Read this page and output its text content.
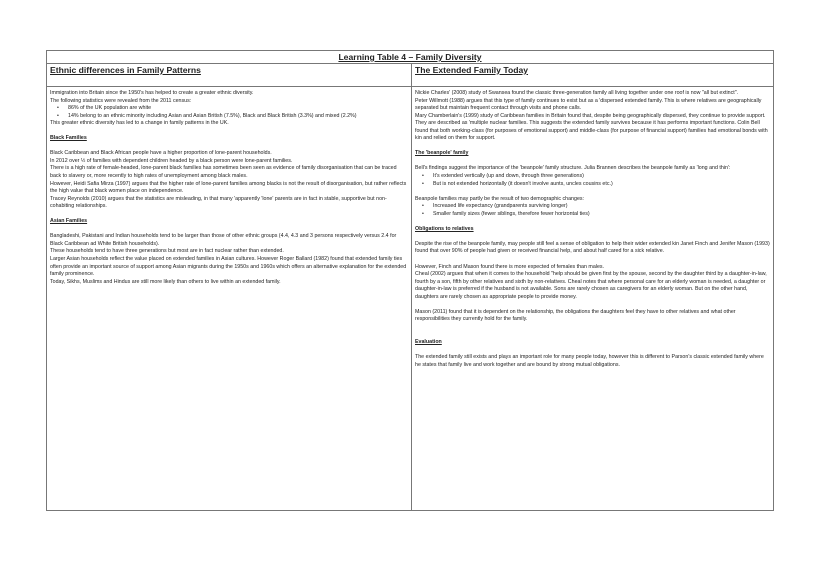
Learning Table 4 – Family Diversity
Ethnic differences in Family Patterns

Immigration into Britain since the 1950's has helped to create a greater ethnic diversity.

The following statistics were revealed from the 2011 census:

• 86% of the UK population are white
• 14% belong to an ethnic minority including Asian and Asian British (7.5%), Black and Black British (3.3%) and mixed (2.2%)

This greater ethnic diversity has led to a change in family patterns in the UK.

Black Families

Black Caribbean and Black African people have a higher proportion of lone-parent households.

In 2012 over ½ of families with dependent children headed by a black person were lone-parent families.

There is a high rate of female-headed, lone-parent black families has sometimes been seen as evidence of family disorganisation that can be traced back to slavery or, more recently to high rates of unemployment among black males.

However, Heidi Safia Mirza (1997) argues that the higher rate of lone-parent families among blacks is not the result of disorganisation, but rather reflects the high value that black women place on independence.

Tracey Reynolds (2010) argues that the statistics are misleading, in that many 'apparently 'lone' parents are in fact in stable, supportive but non-cohabiting relationships.

Asian Families

Bangladeshi, Pakistani and Indian households tend to be larger than those of other ethnic groups (4.4, 4.3 and 3 persons respectively versus 2.4 for Black Caribbean ad White British households).

These households tend to have three generations but most are in fact nuclear rather than extended.

Larger Asian households reflect the value placed on extended families in Asian cultures. However Roger Ballard (1982) found that extended family ties often provide an important source of support among Asian migrants during the 1950s and 1960s which offers an alternative explanation for the extended family prominence.

Today, Sikhs, Muslims and Hindus are still more likely than others to live within an extended family.

The Extended Family Today

Nickie Charles' (2008) study of Swansea found the classic three-generation family all living together under one roof is now "all but extinct".

Peter Willmott (1988) argues that this type of family continues to exist but as a 'dispersed extended family. This is where relatives are geographically separated but maintain frequent contact through visits and phone calls.

Mary Chamberlain's (1999) study of Caribbean families in Britain found that, despite being geographically dispersed, they continue to provide support. They are described as 'multiple nuclear families. This suggests the extended family survives because it has performs important functions. Colin Bell found that both working-class (for purposes of emotional support) and middle-class (for purpose of financial support) families had emotional bonds with kin and relied on them for support.

The 'beanpole' family

Bell's findings suggest the importance of the 'beanpole' family structure. Julia Brannen describes the beanpole family as 'long and thin':

• It's extended vertically (up and down, through three generations)
• But is not extended horizontally (it doesn't involve aunts, uncles cousins etc.)

Beanpole families may partly be the result of two demographic changes:

• Increased life expectancy (grandparents surviving longer)
• Smaller family sizes (fewer siblings, therefore fewer horizontal ties)

Obligations to relatives

Despite the rise of the beanpole family, may people still feel a sense of obligation to help their wider extended kin Janet Finch and Jenifer Mason (1993) found that over 90% of people had given or received financial help, and about half cared for a sick relative.

However, Finch and Mason found there is more expected of females than males.

Cheal (2002) argues that when it comes to the household "help should be given first by the spouse, second by the daughter third by a daughter-in-law, fourth by a son, fifth by other relatives and sixth by non-relatives. Cheal notes that where personal care for an elderly woman is needed, a daughter or daughter-in-law is preferred if the husband is not available. Sons are rarely chosen as caregivers for an elderly woman. But on the other hand, daughters are rarely chosen as appropriate people to provide money.

Mason (2011) found that it is dependent on the relationship, the obligations the daughters feel they have to other relatives and what other responsibilities they currently hold for the family.

Evaluation

The extended family still exists and plays an important role for many people today, however this is different to Parson's classic extended family where he states that family live and work together and are bound by strong mutual obligations.
